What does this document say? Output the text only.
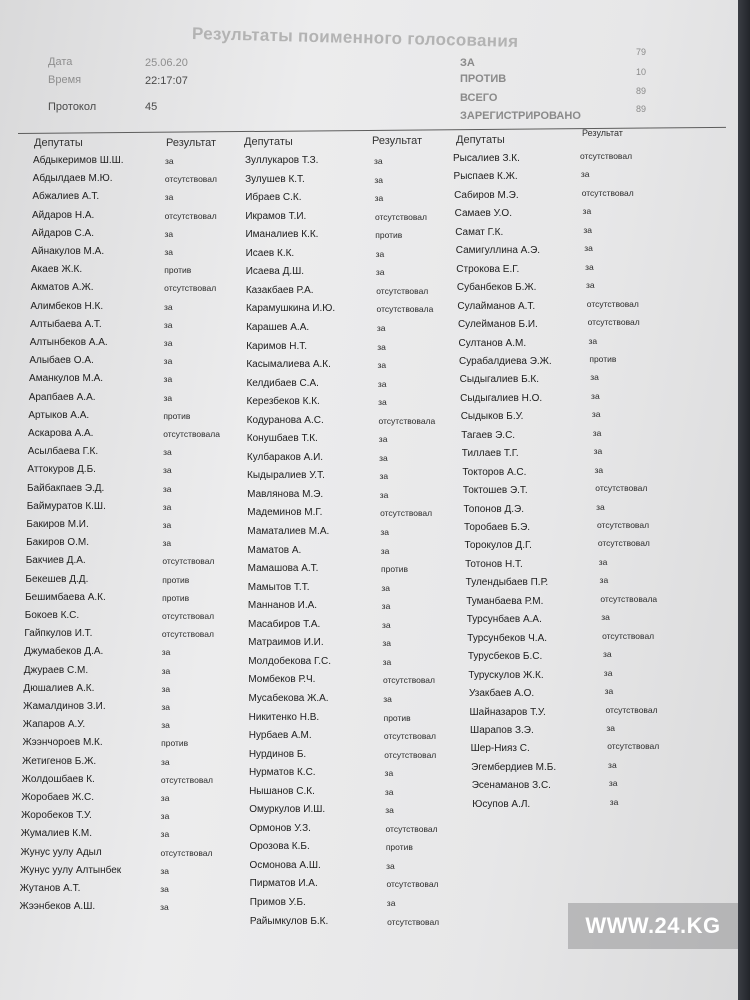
Результаты поименного голосования
Дата	25.06.20
Время	22:17:07
Протокол	45
ЗА
79
ПРОТИВ
10
ВСЕГО
89
ЗАРЕГИСТРИРОВАНО
89
Депутаты	Результат	Депутаты	Результат	Депутаты
Результат
Абдыкеримов Ш.Ш.	за
Абдылдаев М.Ю.	отсутствовал
Абжалиев А.Т.	за
Айдаров Н.А.	отсутствовал
Айдаров С.А.	за
Айнакулов М.А.	за
Акаев Ж.К.	против
Акматов А.Ж.	отсутствовал
Алимбеков Н.К.	за
Алтыбаева А.Т.	за
Алтынбеков А.А.	за
Алыбаев О.А.	за
Аманкулов М.А.	за
Арапбаев А.А.	за
Артыков А.А.	против
Аскарова А.А.	отсутствовала
Асылбаева Г.К.	за
Аттокуров Д.Б.	за
Байбакпаев Э.Д.	за
Баймуратов К.Ш.	за
Бакиров М.И.	за
Бакиров О.М.	за
Бакчиев Д.А.	отсутствовал
Бекешев Д.Д.	против
Бешимбаева А.К.	против
Бокоев К.С.	отсутствовал
Гайпкулов И.Т.	отсутствовал
Джумабеков Д.А.	за
Джураев С.М.	за
Дюшалиев А.К.	за
Жамалдинов З.И.	за
Жапаров А.У.	за
Жээнчороев М.К.	против
Жетигенов Б.Ж.	за
Жолдошбаев К.	отсутствовал
Жоробаев Ж.С.	за
Жоробеков Т.У.	за
Жумалиев К.М.	за
Жунус уулу Адыл	отсутствовал
Жунус уулу Алтынбек	за
Жутанов А.Т.	за
Жээнбеков А.Ш.	за
Зуллукаров Т.З.	за
Зулушев К.Т.	за
Ибраев С.К.	за
Икрамов Т.И.	отсутствовал
Иманалиев К.К.	против
Исаев К.К.	за
Исаева Д.Ш.	за
Казакбаев Р.А.	отсутствовал
Карамушкина И.Ю.	отсутствовала
Карашев А.А.	за
Каримов Н.Т.	за
Касымалиева А.К.	за
Келдибаев С.А.	за
Керезбеков К.К.	за
Кодуранова А.С.	отсутствовала
Конушбаев Т.К.	за
Кулбараков А.И.	за
Кыдыралиев У.Т.	за
Мавлянова М.Э.	за
Мадеминов М.Г.	отсутствовал
Маматалиев М.А.	за
Маматов А.	за
Мамашова А.Т.	против
Мамытов Т.Т.	за
Маннанов И.А.	за
Масабиров Т.А.	за
Матраимов И.И.	за
Молдобекова Г.С.	за
Момбеков Р.Ч.	отсутствовал
Мусабекова Ж.А.	за
Никитенко Н.В.	против
Нурбаев А.М.	отсутствовал
Нурдинов Б.	отсутствовал
Нурматов К.С.	за
Нышанов С.К.	за
Омуркулов И.Ш.	за
Ормонов У.З.	отсутствовал
Орозова К.Б.	против
Осмонова А.Ш.	за
Пирматов И.А.	отсутствовал
Примов У.Б.	за
Райымкулов Б.К.	отсутствовал
Рысалиев З.К.	отсутствовал
Рыспаев К.Ж.	за
Сабиров М.Э.	отсутствовал
Самаев У.О.	за
Самат Г.К.	за
Самигуллина А.Э.	за
Строкова Е.Г.	за
Субанбеков Б.Ж.	за
Сулайманов А.Т.	отсутствовал
Сулейманов Б.И.	отсутствовал
Султанов А.М.	за
Сурабалдиева Э.Ж.	против
Сыдыгалиев Б.К.	за
Сыдыгалиев Н.О.	за
Сыдыков Б.У.	за
Тагаев Э.С.	за
Тиллаев Т.Г.	за
Токторов А.С.	за
Токтошев Э.Т.	отсутствовал
Топонов Д.Э.	за
Торобаев Б.Э.	отсутствовал
Торокулов Д.Г.	отсутствовал
Тотонов Н.Т.	за
Тулендыбаев П.Р.	за
Туманбаева Р.М.	отсутствовала
Турсунбаев А.А.	за
Турсунбеков Ч.А.	отсутствовал
Турусбеков Б.С.	за
Турускулов Ж.К.	за
Узакбаев А.О.	за
Шайназаров Т.У.	отсутствовал
Шарапов З.Э.	за
Шер-Нияз С.	отсутствовал
Эгембердиев М.Б.	за
Эсенаманов З.С.	за
Юсупов А.Л.	за
WWW.24.KG
